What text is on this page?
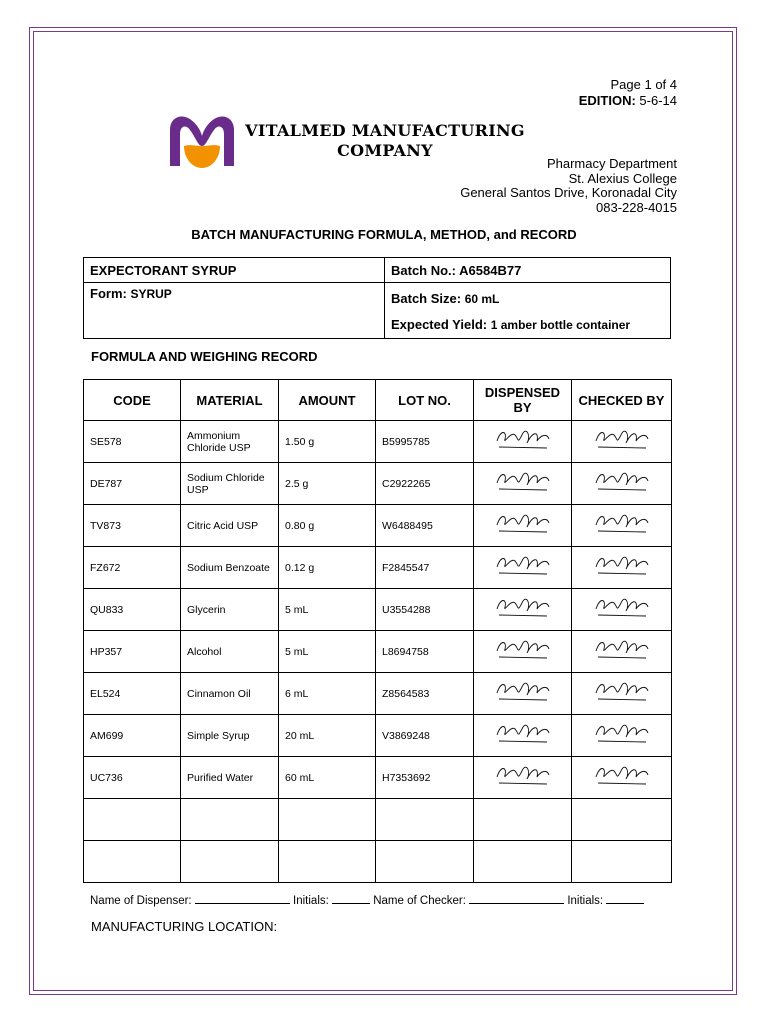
Page 1 of 4
EDITION: 5-6-14
VITALMED MANUFACTURING
COMPANY
Pharmacy Department
St. Alexius College
General Santos Drive, Koronadal City
083-228-4015
BATCH MANUFACTURING FORMULA, METHOD, and RECORD
EXPECTORANT SYRUP	Batch No.: A6584B77
Form: SYRUP	Batch Size: 60 mL
Expected Yield: 1 amber bottle container
FORMULA AND WEIGHING RECORD
CODE	MATERIAL	AMOUNT	LOT NO.	DISPENSED BY	CHECKED BY
SE578	Ammonium Chloride USP	1.50 g	B5995785		
DE787	Sodium Chloride USP	2.5 g	C2922265		
TV873	Citric Acid USP	0.80 g	W6488495		
FZ672	Sodium Benzoate	0.12 g	F2845547		
QU833	Glycerin	5 mL	U3554288		
HP357	Alcohol	5 mL	L8694758		
EL524	Cinnamon Oil	6 mL	Z8564583		
AM699	Simple Syrup	20 mL	V3869248		
UC736	Purified Water	60 mL	H7353692		

Name of Dispenser:	Initials:	Name of Checker:	Initials:
MANUFACTURING LOCATION:
